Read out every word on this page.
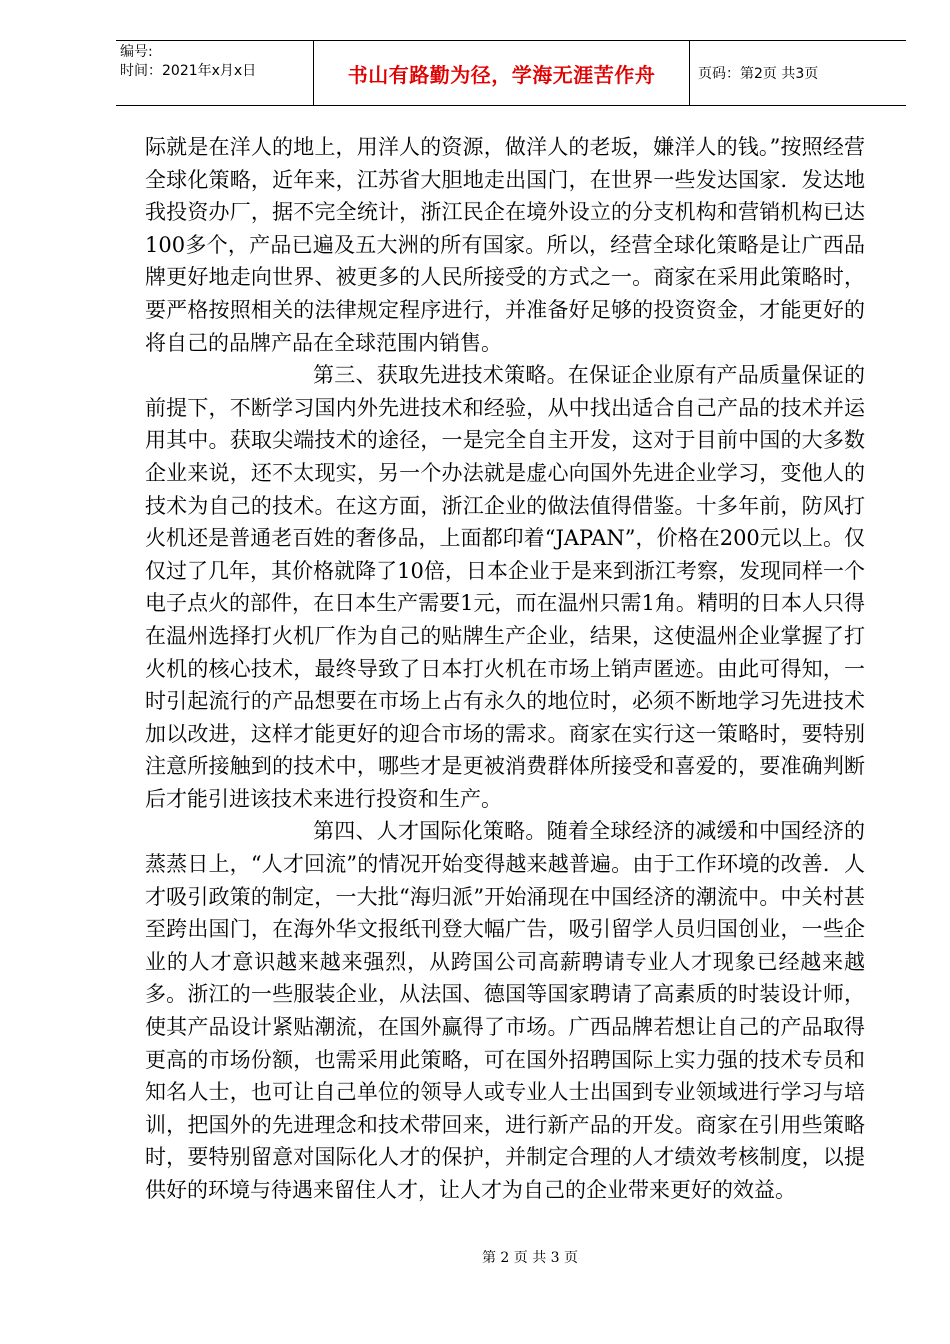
编号:
时间：2021年x月x日	书山有路勤为径，学海无涯苦作舟	页码：第2页 共3页

际就是在洋人的地上，用洋人的资源，做洋人的老坂，嫌洋人的钱。”按照经营全球化策略，近年来，江苏省大胆地走出国门，在世界一些发达国家．发达地我投资办厂，据不完全统计，浙江民企在境外设立的分支机构和营销机构已达100多个，产品已遍及五大洲的所有国家。所以，经营全球化策略是让广西品牌更好地走向世界、被更多的人民所接受的方式之一。商家在采用此策略时，要严格按照相关的法律规定程序进行，并准备好足够的投资资金，才能更好的将自己的品牌产品在全球范围内销售。

第三、获取先进技术策略。在保证企业原有产品质量保证的前提下，不断学习国内外先进技术和经验，从中找出适合自己产品的技术并运用其中。获取尖端技术的途径，一是完全自主开发，这对于目前中国的大多数企业来说，还不太现实，另一个办法就是虚心向国外先进企业学习，变他人的技术为自己的技术。在这方面，浙江企业的做法值得借鉴。十多年前，防风打火机还是普通老百姓的奢侈品，上面都印着“JAPAN”，价格在200元以上。仅仅过了几年，其价格就降了10倍，日本企业于是来到浙江考察，发现同样一个电子点火的部件，在日本生产需要1元，而在温州只需1角。精明的日本人只得在温州选择打火机厂作为自己的贴牌生产企业，结果，这使温州企业掌握了打火机的核心技术，最终导致了日本打火机在市场上销声匿迹。由此可得知，一时引起流行的产品想要在市场上占有永久的地位时，必须不断地学习先进技术加以改进，这样才能更好的迎合市场的需求。商家在实行这一策略时，要特别注意所接触到的技术中，哪些才是更被消费群体所接受和喜爱的，要准确判断后才能引进该技术来进行投资和生产。

第四、人才国际化策略。随着全球经济的减缓和中国经济的蒸蒸日上，“人才回流”的情况开始变得越来越普遍。由于工作环境的改善．人才吸引政策的制定，一大批“海归派”开始涌现在中国经济的潮流中。中关村甚至跨出国门，在海外华文报纸刊登大幅广告，吸引留学人员归国创业，一些企业的人才意识越来越来强烈，从跨国公司高薪聘请专业人才现象已经越来越多。浙江的一些服装企业，从法国、德国等国家聘请了高素质的时装设计师，使其产品设计紧贴潮流，在国外赢得了市场。广西品牌若想让自己的产品取得更高的市场份额，也需采用此策略，可在国外招聘国际上实力强的技术专员和知名人士，也可让自己单位的领导人或专业人士出国到专业领域进行学习与培训，把国外的先进理念和技术带回来，进行新产品的开发。商家在引用些策略时，要特别留意对国际化人才的保护，并制定合理的人才绩效考核制度，以提供好的环境与待遇来留住人才，让人才为自己的企业带来更好的效益。

第 2 页 共 3 页
